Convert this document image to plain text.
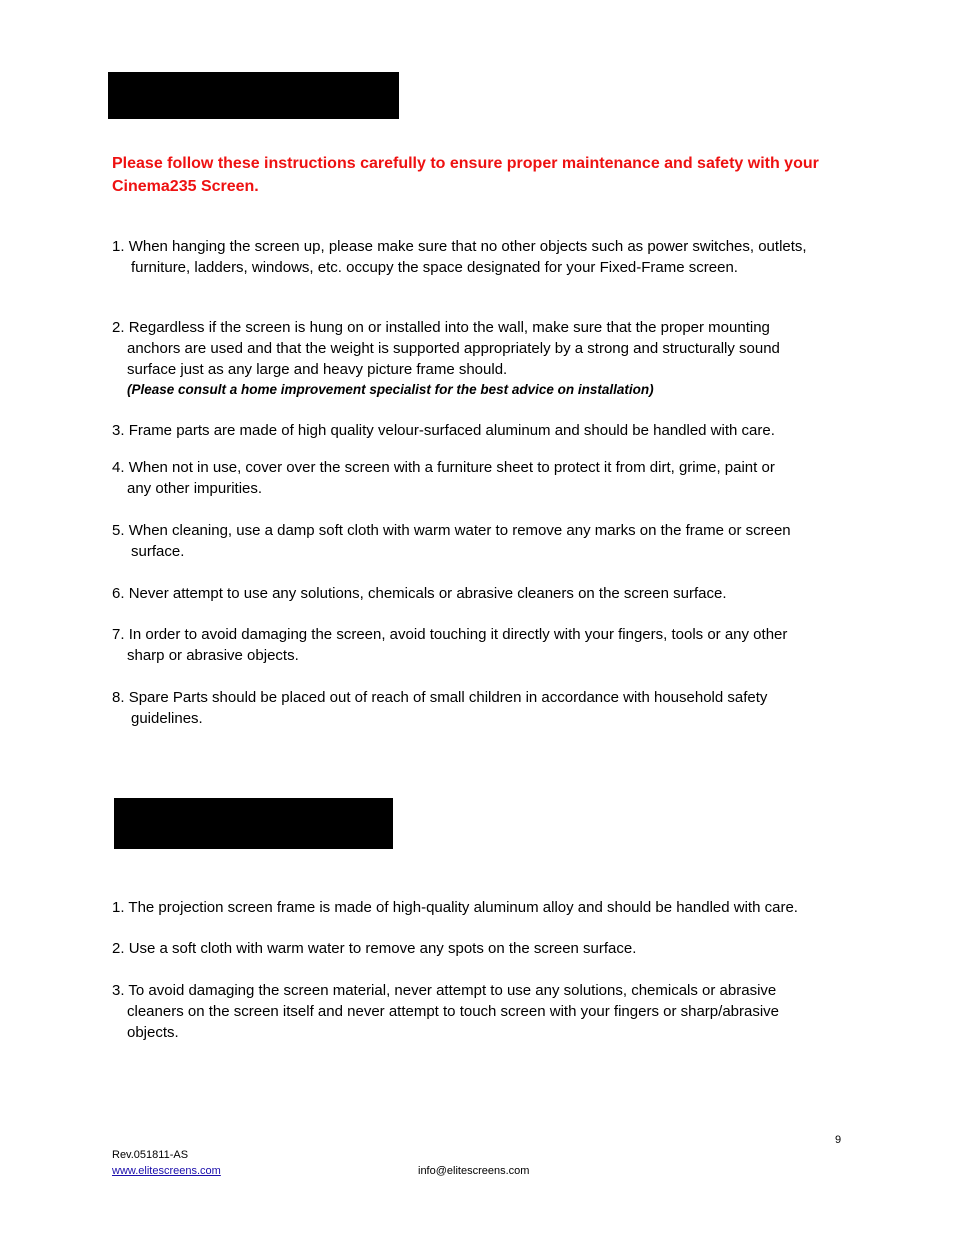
Please follow these instructions carefully to ensure proper maintenance and safety with your Cinema235 Screen.
1. When hanging the screen up, please make sure that no other objects such as power switches, outlets,
furniture, ladders, windows, etc. occupy the space designated for your Fixed-Frame screen.
2. Regardless if the screen is hung on or installed into the wall, make sure that the proper mounting
anchors are used and that the weight is supported appropriately by a strong and structurally sound surface just as any large and heavy picture frame should.
(Please consult a home improvement specialist for the best advice on installation)
3. Frame parts are made of high quality velour-surfaced aluminum and should be handled with care.
4. When not in use, cover over the screen with a furniture sheet to protect it from dirt, grime, paint or
any other impurities.
5. When cleaning, use a damp soft cloth with warm water to remove any marks on the frame or screen
surface.
6. Never attempt to use any solutions, chemicals or abrasive cleaners on the screen surface.
7. In order to avoid damaging the screen, avoid touching it directly with your fingers, tools or any other
sharp or abrasive objects.
8. Spare Parts should be placed out of reach of small children in accordance with household safety
guidelines.
1. The projection screen frame is made of high-quality aluminum alloy and should be handled with care.
2. Use a soft cloth with warm water to remove any spots on the screen surface.
3. To avoid damaging the screen material, never attempt to use any solutions, chemicals or abrasive
cleaners on the screen itself and never attempt to touch screen with your fingers or sharp/abrasive objects.
9
Rev.051811-AS
www.elitescreens.com	info@elitescreens.com
